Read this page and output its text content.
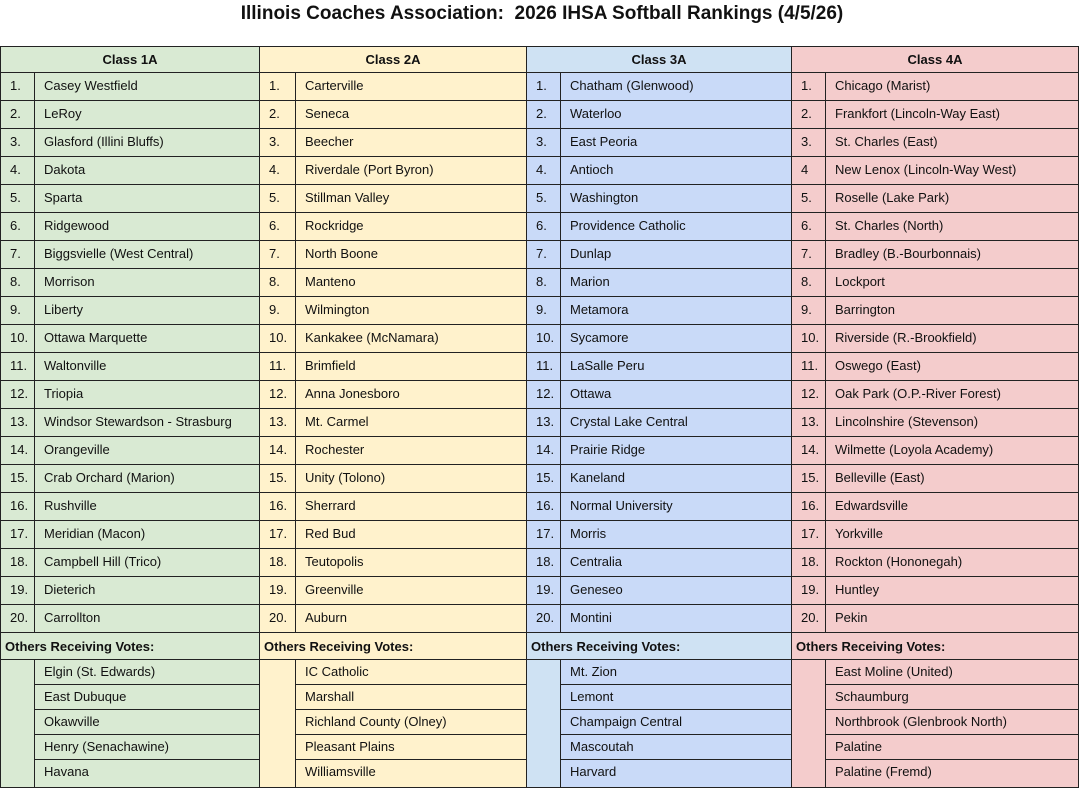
Illinois Coaches Association:  2026 IHSA Softball Rankings (4/5/26)
Class 1A
1.	Casey Westfield
2.	LeRoy
3.	Glasford (Illini Bluffs)
4.	Dakota
5.	Sparta
6.	Ridgewood
7.	Biggsvielle (West Central)
8.	Morrison
9.	Liberty
10.	Ottawa Marquette
11.	Waltonville
12.	Triopia
13.	Windsor Stewardson - Strasburg
14.	Orangeville
15.	Crab Orchard (Marion)
16.	Rushville
17.	Meridian (Macon)
18.	Campbell Hill (Trico)
19.	Dieterich
20.	Carrollton
Others Receiving Votes:
Elgin (St. Edwards)
East Dubuque
Okawville
Henry (Senachawine)
Havana
Class 2A
1.	Carterville
2.	Seneca
3.	Beecher
4.	Riverdale (Port Byron)
5.	Stillman Valley
6.	Rockridge
7.	North Boone
8.	Manteno
9.	Wilmington
10.	Kankakee (McNamara)
11.	Brimfield
12.	Anna Jonesboro
13.	Mt. Carmel
14.	Rochester
15.	Unity (Tolono)
16.	Sherrard
17.	Red Bud
18.	Teutopolis
19.	Greenville
20.	Auburn
Others Receiving Votes:
IC Catholic
Marshall
Richland County (Olney)
Pleasant Plains
Williamsville
Class 3A
1.	Chatham (Glenwood)
2.	Waterloo
3.	East Peoria
4.	Antioch
5.	Washington
6.	Providence Catholic
7.	Dunlap
8.	Marion
9.	Metamora
10.	Sycamore
11.	LaSalle Peru
12.	Ottawa
13.	Crystal Lake Central
14.	Prairie Ridge
15.	Kaneland
16.	Normal University
17.	Morris
18.	Centralia
19.	Geneseo
20.	Montini
Others Receiving Votes:
Mt. Zion
Lemont
Champaign Central
Mascoutah
Harvard
Class 4A
1.	Chicago (Marist)
2.	Frankfort (Lincoln-Way East)
3.	St. Charles (East)
4	New Lenox (Lincoln-Way West)
5.	Roselle (Lake Park)
6.	St. Charles (North)
7.	Bradley (B.-Bourbonnais)
8.	Lockport
9.	Barrington
10.	Riverside (R.-Brookfield)
11.	Oswego (East)
12.	Oak Park (O.P.-River Forest)
13.	Lincolnshire (Stevenson)
14.	Wilmette (Loyola Academy)
15.	Belleville (East)
16.	Edwardsville
17.	Yorkville
18.	Rockton (Hononegah)
19.	Huntley
20.	Pekin
Others Receiving Votes:
East Moline (United)
Schaumburg
Northbrook (Glenbrook North)
Palatine
Palatine (Fremd)
